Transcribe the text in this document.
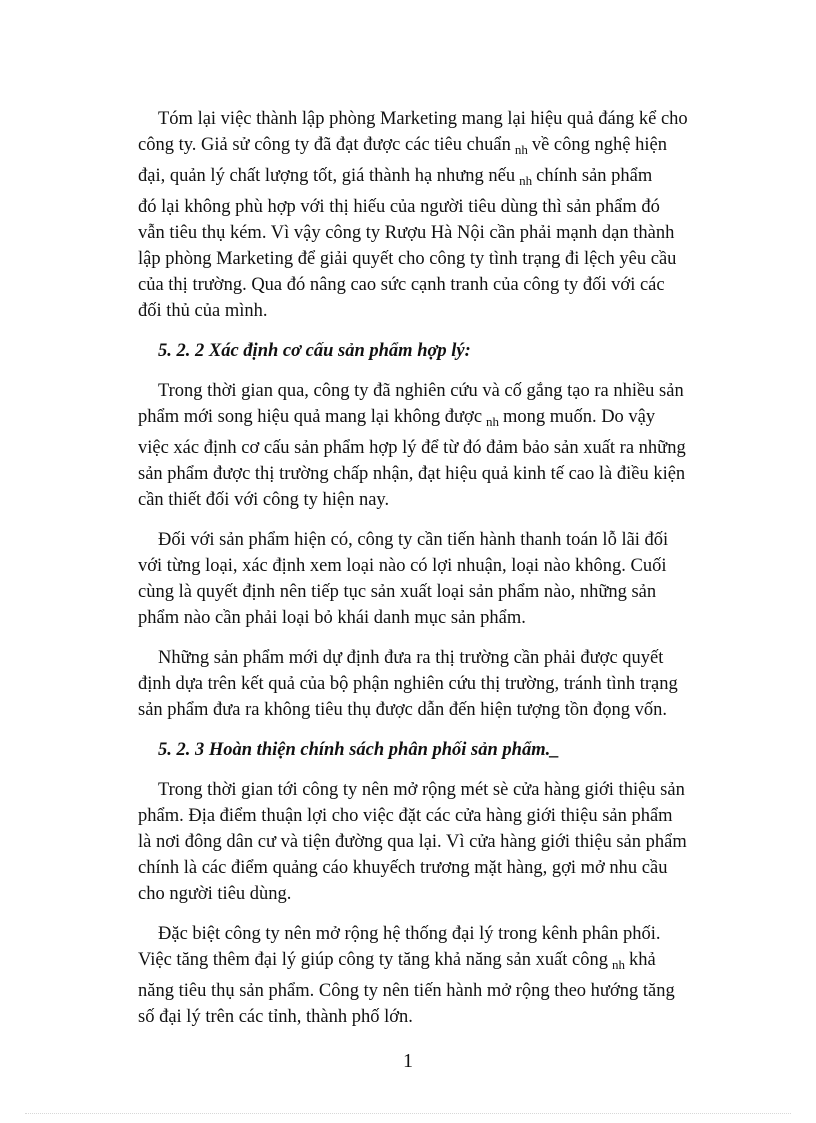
Tóm lại việc thành lập phòng Marketing mang lại hiệu quả đáng kể cho
công ty. Giả sử công ty đã đạt được các tiêu chuẩn $_{nh}$ về công nghệ hiện
đại, quản lý chất lượng tốt, giá thành hạ nhưng nếu $_{nh}$ chính sản phẩm
đó lại không phù hợp với thị hiếu của người tiêu dùng thì sản phẩm đó
vẫn tiêu thụ kém. Vì vậy công ty Rượu Hà Nội cần phải mạnh dạn thành
lập phòng Marketing để giải quyết cho công ty tình trạng đi lệch yêu cầu
của thị trường. Qua đó nâng cao sức cạnh tranh của công ty đối với các
đối thủ của mình.
5. 2. 2 Xác định cơ cấu sản phẩm hợp lý:
Trong thời gian qua, công ty đã nghiên cứu và cố gắng tạo ra nhiều sản
phẩm mới song hiệu quả mang lại không được $_{nh}$ mong muốn. Do vậy
việc xác định cơ cấu sản phẩm hợp lý để từ đó đảm bảo sản xuất ra những
sản phẩm được thị trường chấp nhận, đạt hiệu quả kinh tế cao là điều kiện
cần thiết đối với công ty hiện nay.
Đối với sản phẩm hiện có, công ty cần tiến hành thanh toán lỗ lãi đối
với từng loại, xác định xem loại nào có lợi nhuận, loại nào không. Cuối
cùng là quyết định nên tiếp tục sản xuất loại sản phẩm nào, những sản
phẩm nào cần phải loại bỏ khái danh mục sản phẩm.
Những sản phẩm mới dự định đưa ra thị trường cần phải được quyết
định dựa trên kết quả của bộ phận nghiên cứu thị trường, tránh tình trạng
sản phẩm đưa ra không tiêu thụ được dẫn đến hiện tượng tồn đọng vốn.
5. 2. 3 Hoàn thiện chính sách phân phối sản phẩm._
Trong thời gian tới công ty nên mở rộng mét sè cửa hàng giới thiệu sản
phẩm. Địa điểm thuận lợi cho việc đặt các cửa hàng giới thiệu sản phẩm
là nơi đông dân cư và tiện đường qua lại. Vì cửa hàng giới thiệu sản phẩm
chính là các điểm quảng cáo khuyếch trương mặt hàng, gợi mở nhu cầu
cho người tiêu dùng.
Đặc biệt công ty nên mở rộng hệ thống đại lý trong kênh phân phối.
Việc tăng thêm đại lý giúp công ty tăng khả năng sản xuất công $_{nh}$ khả
năng tiêu thụ sản phẩm. Công ty nên tiến hành mở rộng theo hướng tăng
số đại lý trên các tỉnh, thành phố lớn.
1
